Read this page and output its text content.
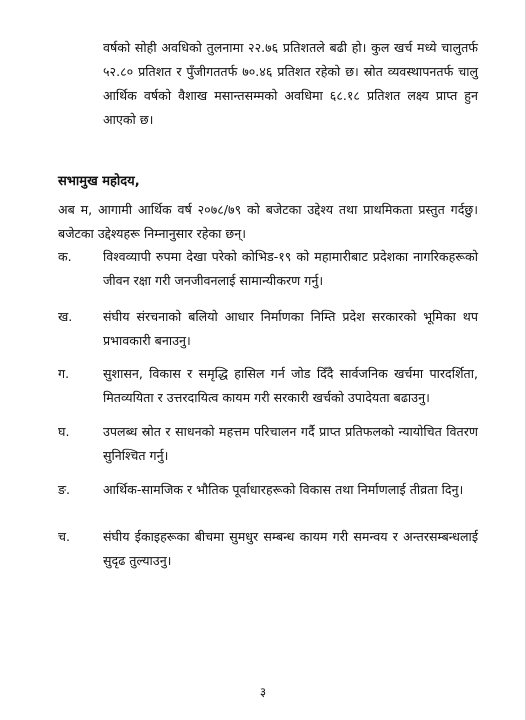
वर्षको सोही अवधिको तुलनामा २२.७६ प्रतिशतले बढी हो। कुल खर्च मध्ये चालुतर्फ ५२.८० प्रतिशत र पुँजीगततर्फ ७०.४६ प्रतिशत रहेको छ। स्रोत व्यवस्थापनतर्फ चालु आर्थिक वर्षको वैशाख मसान्तसम्मको अवधिमा ६८.१८ प्रतिशत लक्ष्य प्राप्त हुन आएको छ।

सभामुख महोदय,

अब म, आगामी आर्थिक वर्ष २०७८/७९ को बजेटका उद्देश्य तथा प्राथमिकता प्रस्तुत गर्दछु। बजेटका उद्देश्यहरू निम्नानुसार रहेका छन्।

क. विश्वव्यापी रुपमा देखा परेको कोभिड-१९ को महामारीबाट प्रदेशका नागरिकहरूको जीवन रक्षा गरी जनजीवनलाई सामान्यीकरण गर्नु।

ख. संघीय संरचनाको बलियो आधार निर्माणका निम्ति प्रदेश सरकारको भूमिका थप प्रभावकारी बनाउनु।

ग.	सुशासन, विकास र समृद्धि हासिल गर्न जोड दिँदै सार्वजनिक खर्चमा पारदर्शिता, मितव्ययिता र उत्तरदायित्व कायम गरी सरकारी खर्चको उपादेयता बढाउनु।

घ.	उपलब्ध स्रोत र साधनको महत्तम परिचालन गर्दै प्राप्त प्रतिफलको न्यायोचित वितरण सुनिश्चित गर्नु।

ङ.	आर्थिक-सामजिक र भौतिक पूर्वाधारहरूको विकास तथा निर्माणलाई तीव्रता दिनु।

च.	संघीय ईकाइहरूका बीचमा सुमधुर सम्बन्ध कायम गरी समन्वय र अन्तरसम्बन्धलाई सुदृढ तुल्याउनु।

३
